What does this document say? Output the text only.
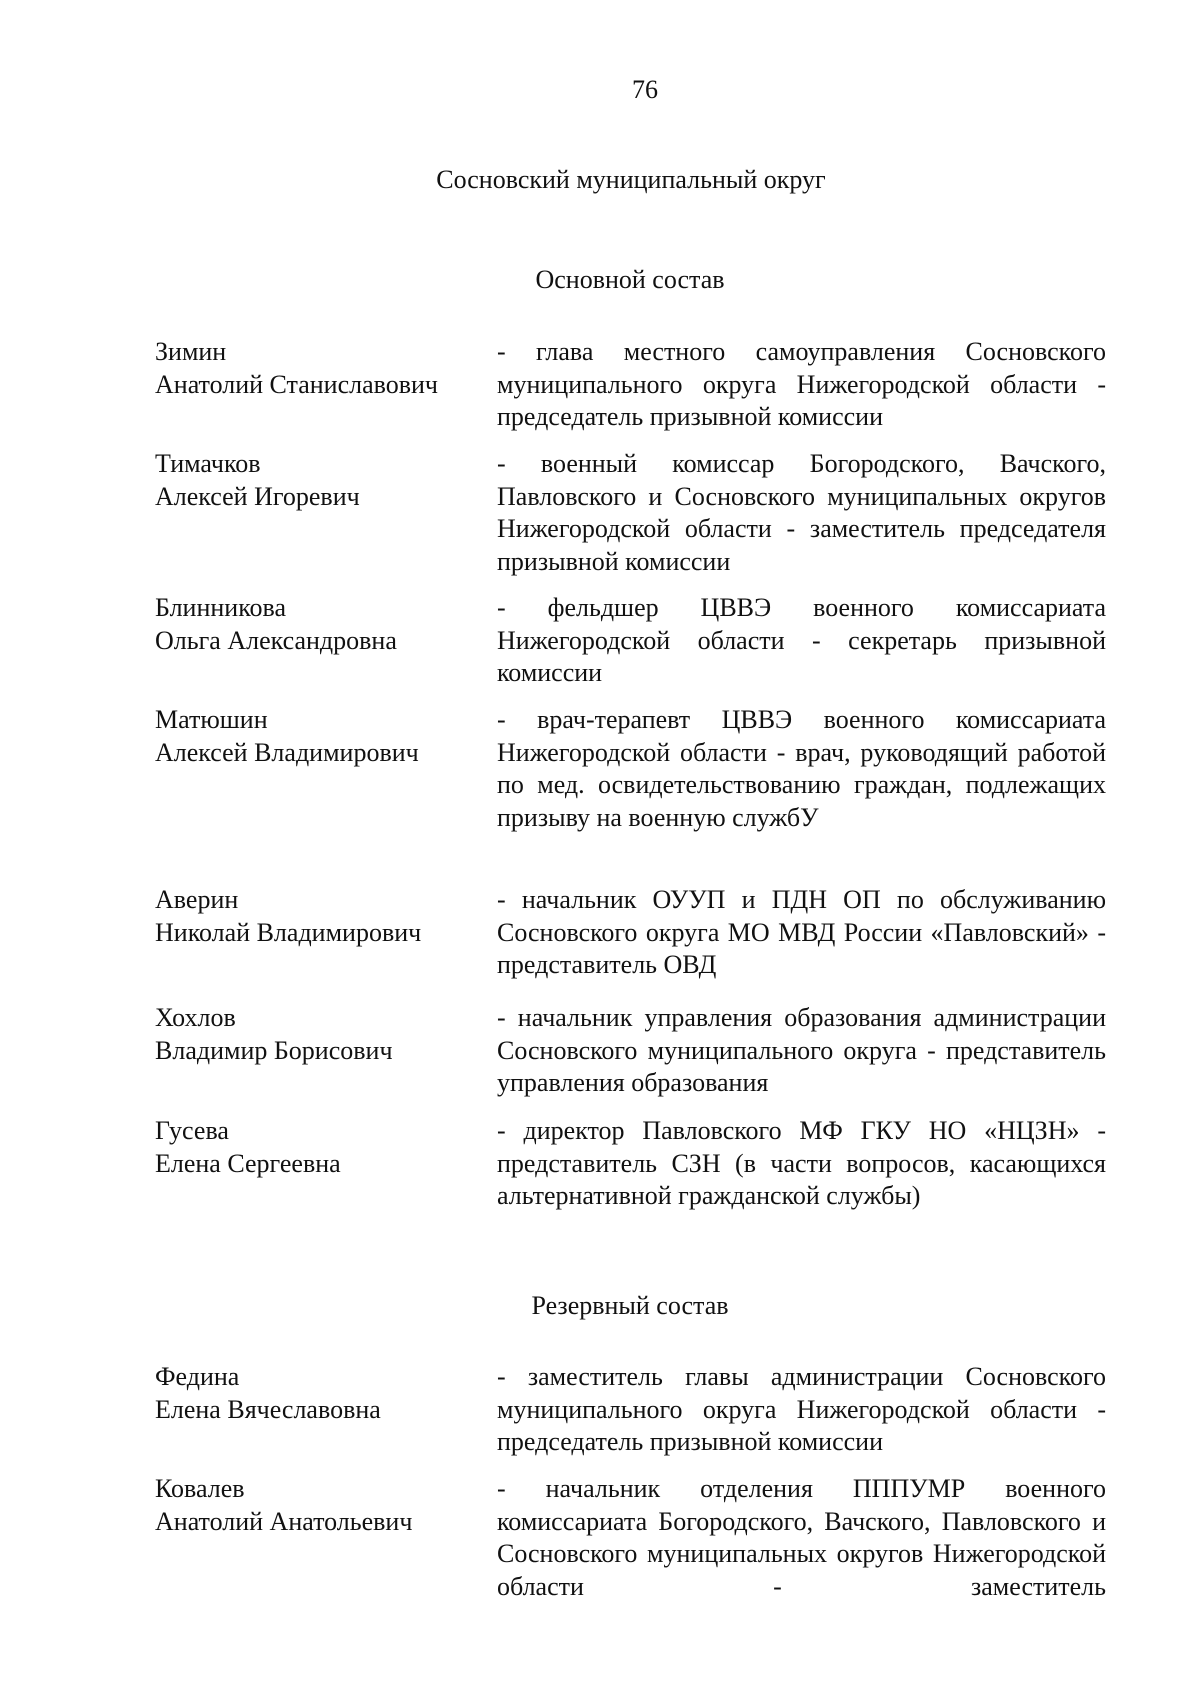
76
Сосновский муниципальный округ
Основной состав
Зимин
Анатолий Станиславович
- глава местного самоуправления Сосновского муниципального округа Нижегородской области - председатель призывной комиссии
Тимачков
Алексей Игоревич
- военный комиссар Богородского, Вачского, Павловского и Сосновского муниципальных округов Нижегородской области - заместитель председателя призывной комиссии
Блинникова
Ольга Александровна
- фельдшер ЦВВЭ военного комиссариата Нижегородской области - секретарь призывной комиссии
Матюшин
Алексей Владимирович
- врач-терапевт ЦВВЭ военного комиссариата Нижегородской области - врач, руководящий работой по мед. освидетельствованию граждан, подлежащих призыву на военную службУ
Аверин
Николай Владимирович
- начальник ОУУП и ПДН ОП по обслуживанию Сосновского округа МО МВД России «Павловский» - представитель ОВД
Хохлов
Владимир Борисович
- начальник управления образования администрации Сосновского муниципального округа - представитель управления образования
Гусева
Елена Сергеевна
- директор Павловского МФ ГКУ НО «НЦЗН» - представитель СЗН (в части вопросов, касающихся альтернативной гражданской службы)
Резервный состав
Федина
Елена Вячеславовна
- заместитель главы администрации Сосновского муниципального округа Нижегородской области - председатель призывной комиссии
Ковалев
Анатолий Анатольевич
- начальник отделения ПППУМР военного комиссариата Богородского, Вачского, Павловского и Сосновского муниципальных округов Нижегородской области - заместитель
